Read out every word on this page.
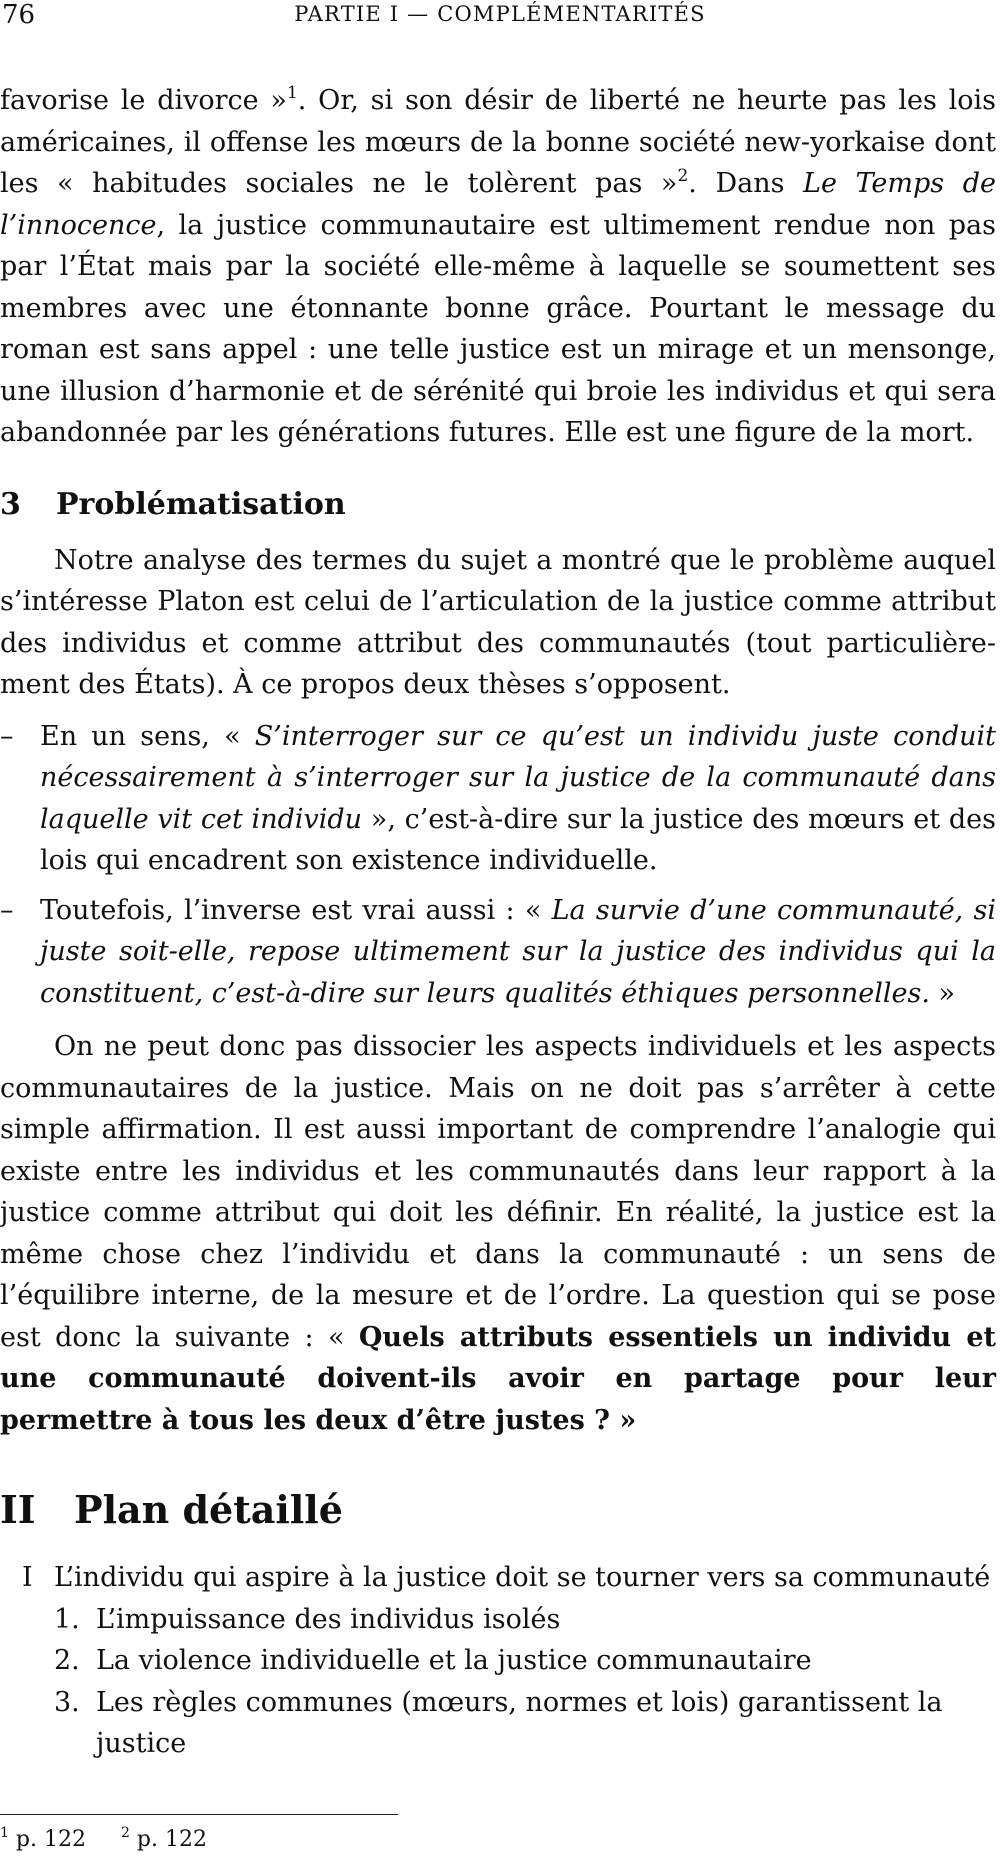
76	PARTIE I — COMPLÉMENTARITÉS

favorise le divorce »$^1$. Or, si son désir de liberté ne heurte pas les lois américaines, il offense les mœurs de la bonne société new-yorkaise dont les « habitudes sociales ne le tolèrent pas »$^2$. Dans Le Temps de l’innocence, la justice communautaire est ultimement rendue non pas par l’État mais par la société elle-même à laquelle se soumettent ses membres avec une étonnante bonne grâce. Pourtant le message du roman est sans appel : une telle justice est un mirage et un mensonge, une illusion d’harmonie et de sérénité qui broie les individus et qui sera abandonnée par les générations futures. Elle est une figure de la mort.

3 Problématisation

Notre analyse des termes du sujet a montré que le problème auquel s’intéresse Platon est celui de l’articulation de la justice comme attribut des individus et comme attribut des communautés (tout particulièrement des États). À ce propos deux thèses s’opposent.

– En un sens, « S’interroger sur ce qu’est un individu juste conduit nécessairement à s’interroger sur la justice de la communauté dans laquelle vit cet individu », c’est-à-dire sur la justice des mœurs et des lois qui encadrent son existence individuelle.
– Toutefois, l’inverse est vrai aussi : « La survie d’une communauté, si juste soit-elle, repose ultimement sur la justice des individus qui la constituent, c’est-à-dire sur leurs qualités éthiques personnelles. »

On ne peut donc pas dissocier les aspects individuels et les aspects communautaires de la justice. Mais on ne doit pas s’arrêter à cette simple affirmation. Il est aussi important de comprendre l’analogie qui existe entre les individus et les communautés dans leur rapport à la justice comme attribut qui doit les définir. En réalité, la justice est la même chose chez l’individu et dans la communauté : un sens de l’équilibre interne, de la mesure et de l’ordre. La question qui se pose est donc la suivante : « Quels attributs essentiels un individu et une communauté doivent-ils avoir en partage pour leur permettre à tous les deux d’être justes ? »

II Plan détaillé
I L’individu qui aspire à la justice doit se tourner vers sa communauté
1. L’impuissance des individus isolés
2. La violence individuelle et la justice communautaire
3. Les règles communes (mœurs, normes et lois) garantissent la justice
$^1$ p. 122	$^2$ p. 122
